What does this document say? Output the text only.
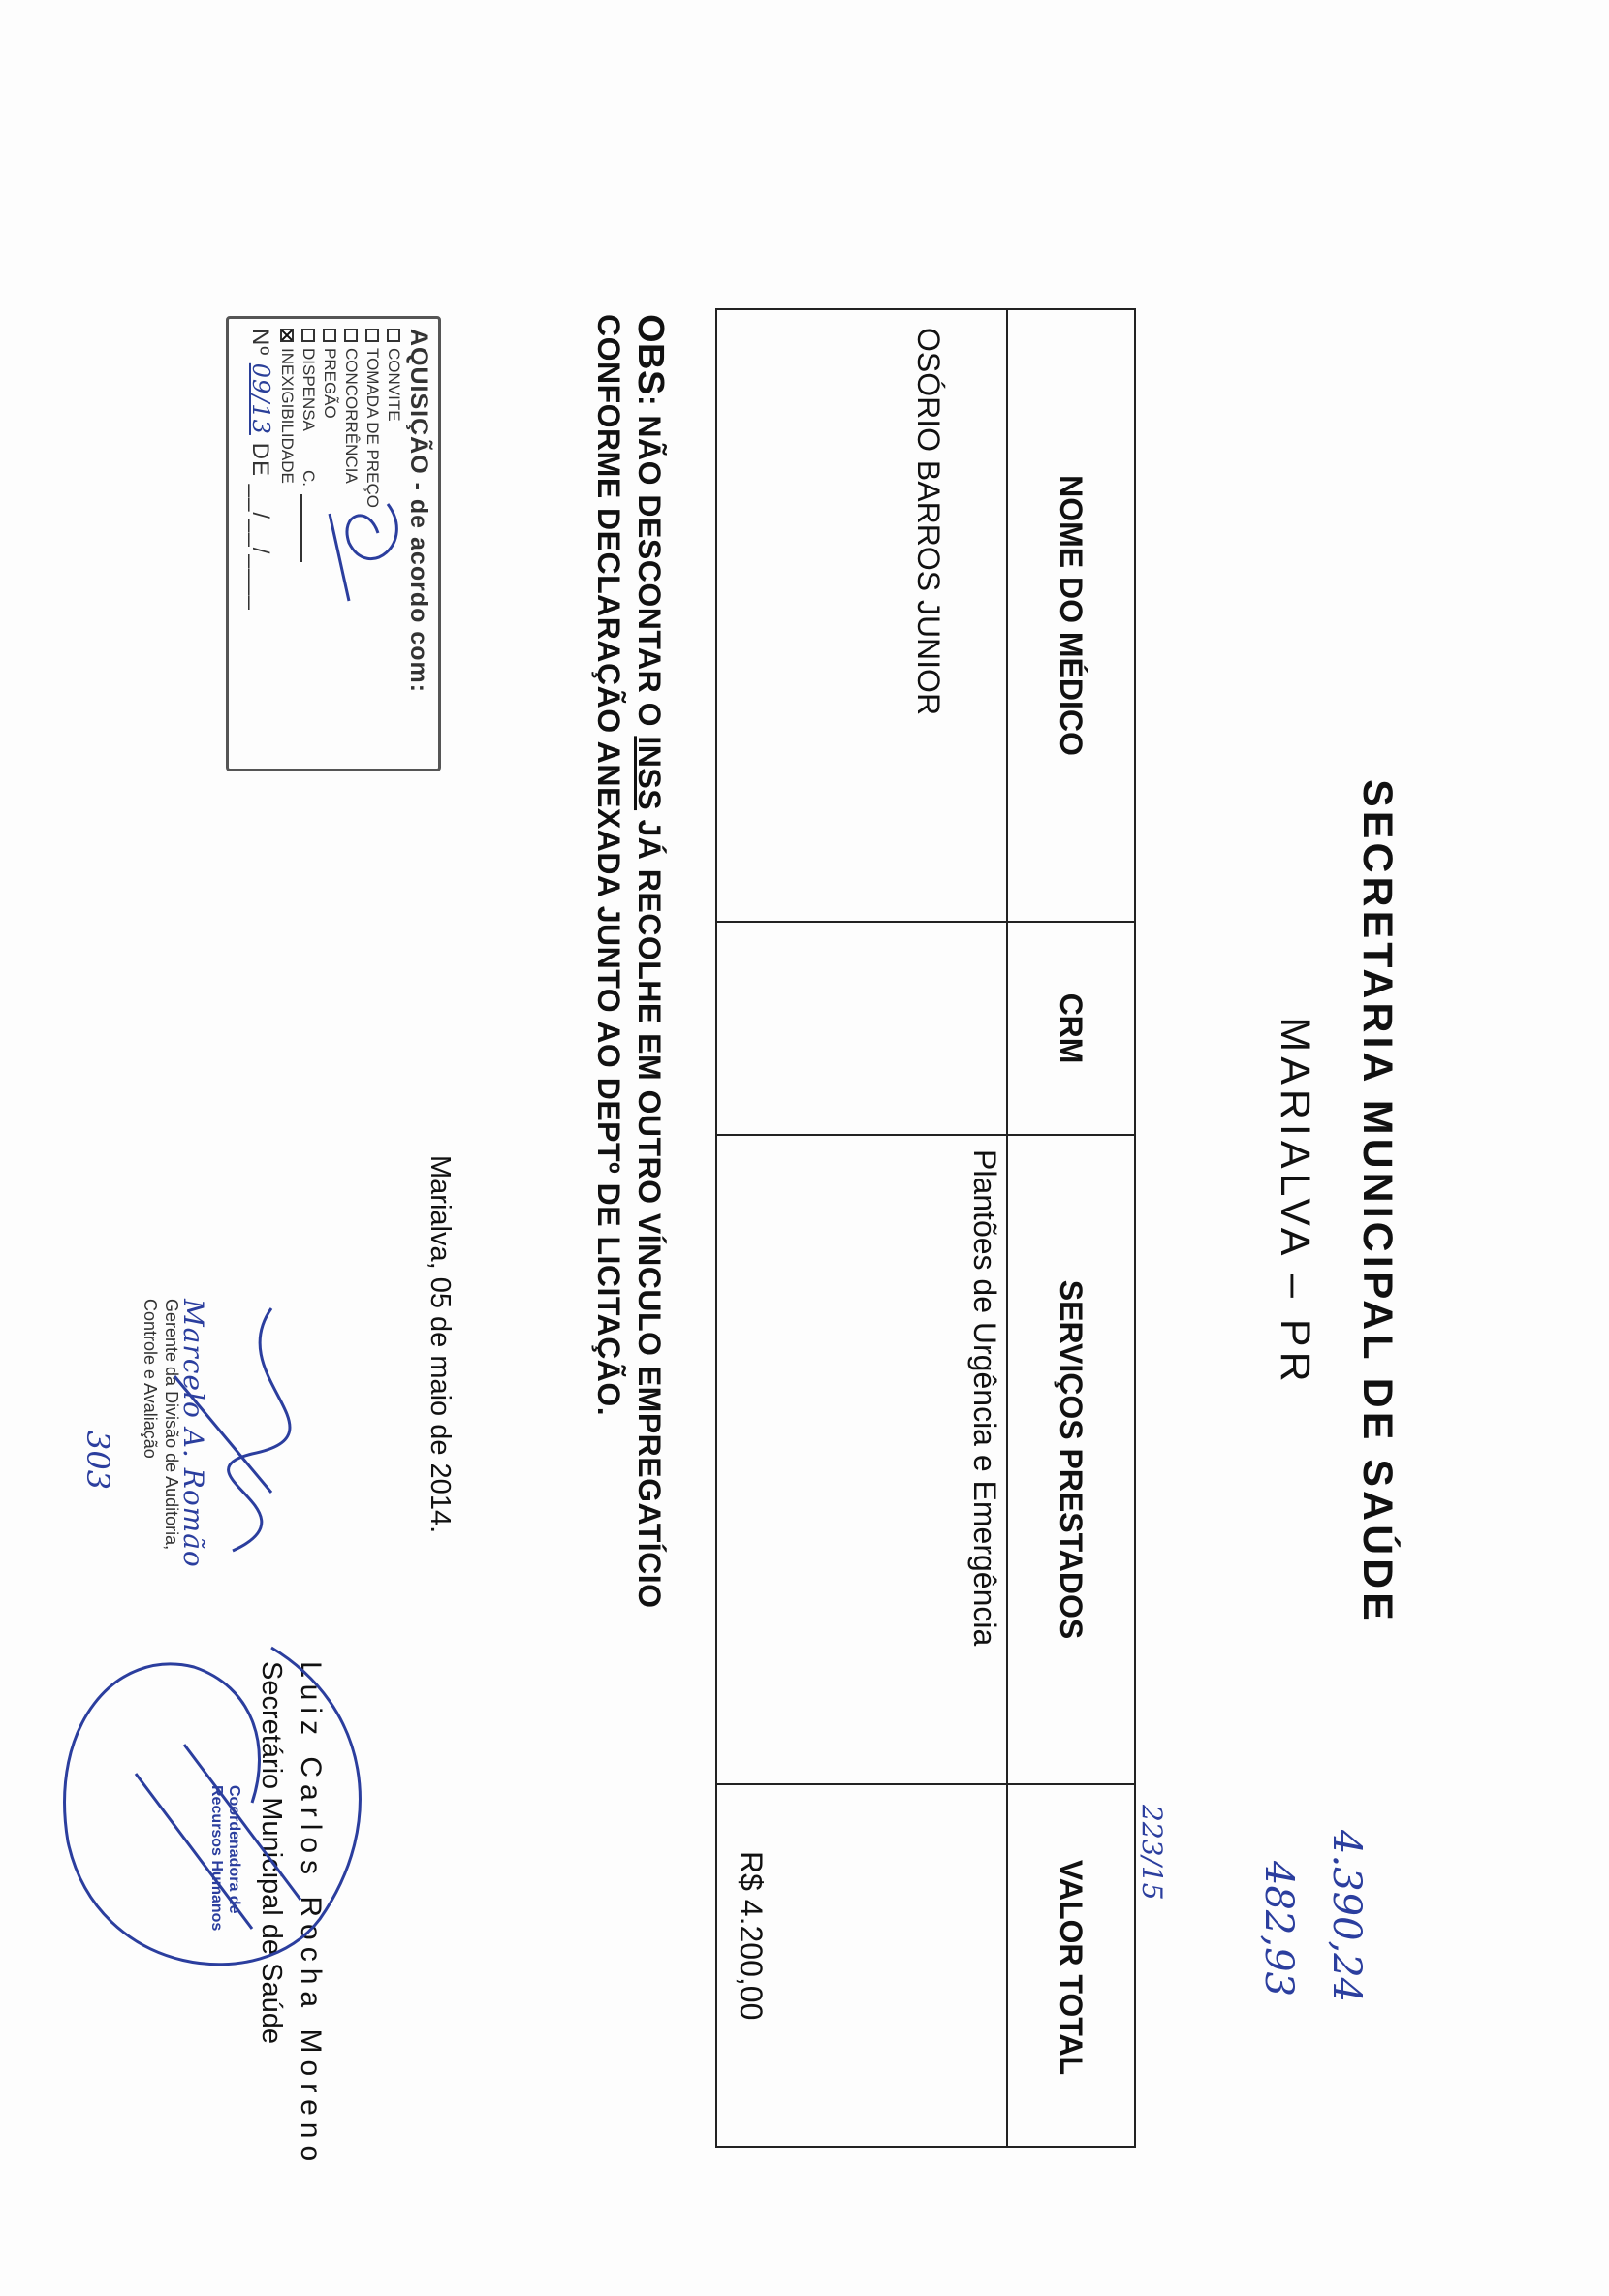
SECRETARIA MUNICIPAL DE SAÚDE
MARIALVA – PR
4.390,24
482,93
223/15
NOME DO MÉDICO
CRM
SERVIÇOS PRESTADOS
VALOR TOTAL
OSÓRIO BARROS JUNIOR
Plantões de Urgência e Emergência
R$ 4.200,00
OBS: NÃO DESCONTAR O INSS JÁ RECOLHE EM OUTRO VÍNCULO EMPREGATÍCIO
CONFORME DECLARAÇÃO ANEXADA JUNTO AO DEPTº DE LICITAÇÃO.
Marialva, 05 de maio de 2014.
Luiz Carlos Rocha Moreno
Secretário Municipal de Saúde
Coordenadora de
Recursos Humanos
Marcelo A. Romão
Gerente da Divisão de Auditoria,
Controle e Avaliação
303
AQUISIÇÃO - de acordo com:
CONVITE
TOMADA DE PREÇO
CONCORRÊNCIA
PREGÃO
DISPENSA
C.
INEXIGIBILIDADE
Nº 09/13 DE __/__/____
